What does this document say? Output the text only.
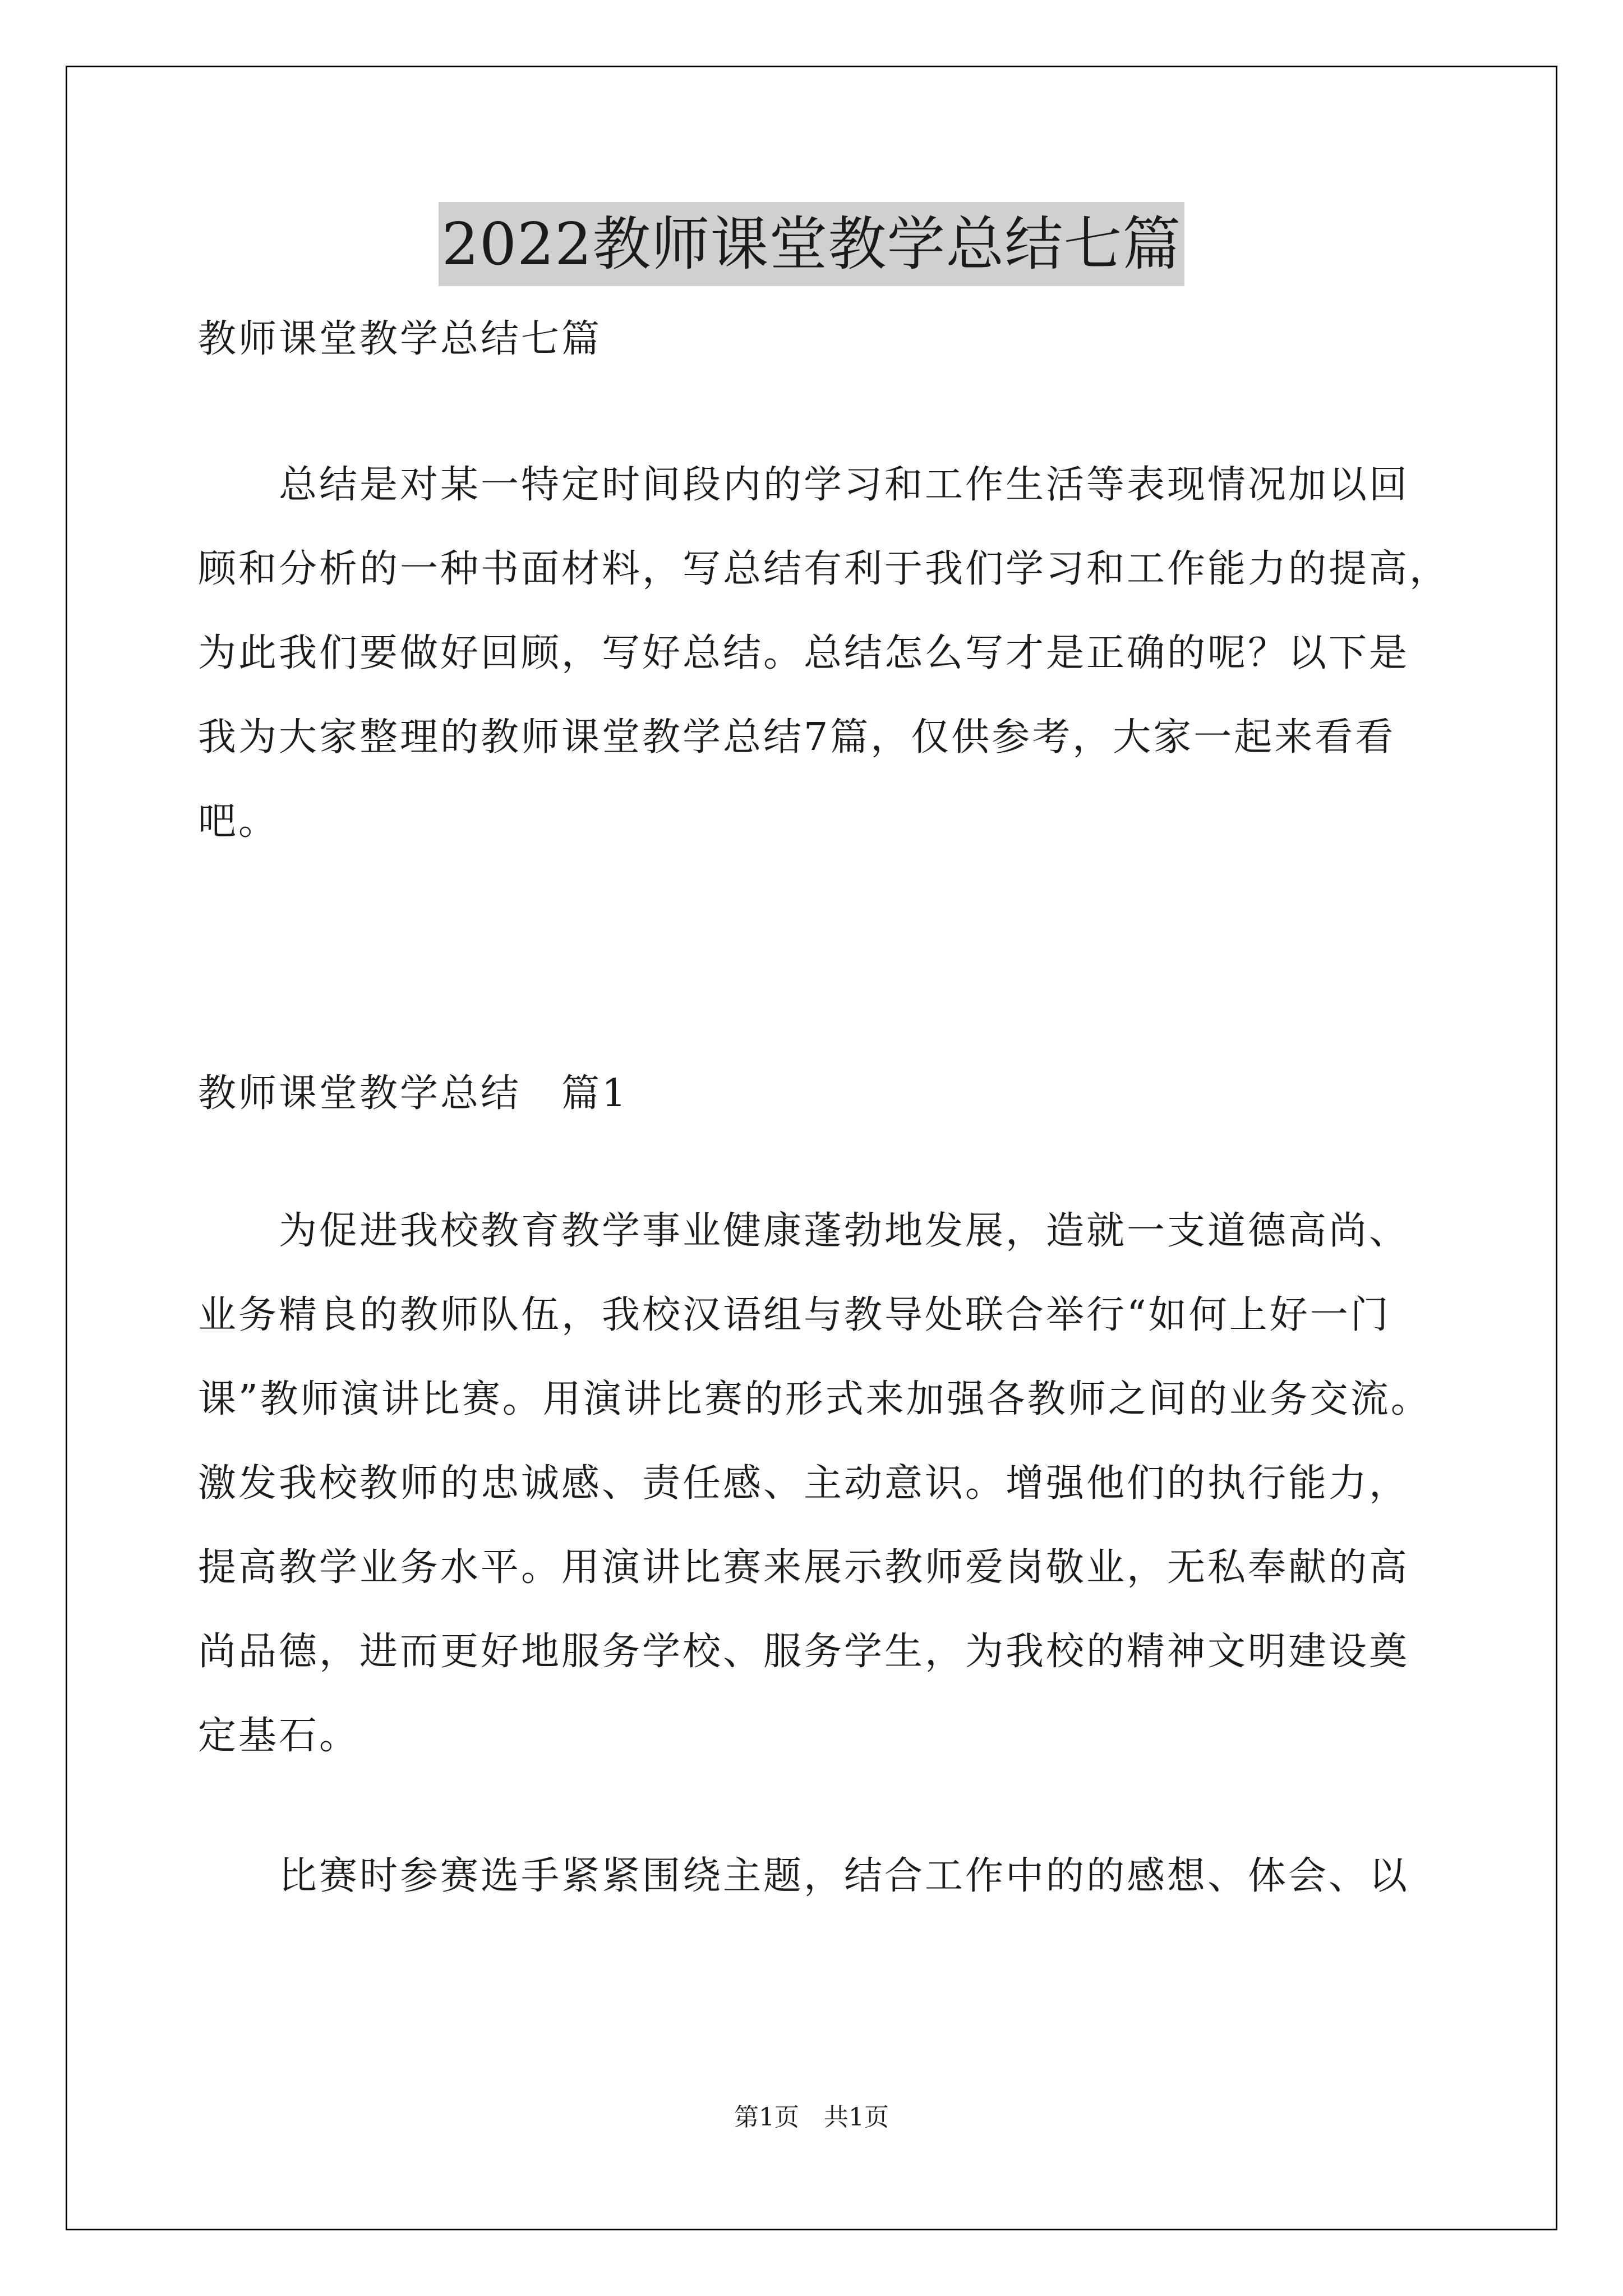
2022教师课堂教学总结七篇
教师课堂教学总结七篇
　　总结是对某一特定时间段内的学习和工作生活等表现情况加以回
顾和分析的一种书面材料，写总结有利于我们学习和工作能力的提高，
为此我们要做好回顾，写好总结。总结怎么写才是正确的呢？以下是
我为大家整理的教师课堂教学总结7篇，仅供参考，大家一起来看看
吧。
教师课堂教学总结　篇1
　　为促进我校教育教学事业健康蓬勃地发展，造就一支道德高尚、
业务精良的教师队伍，我校汉语组与教导处联合举行“如何上好一门
课”教师演讲比赛。用演讲比赛的形式来加强各教师之间的业务交流。
激发我校教师的忠诚感、责任感、主动意识。增强他们的执行能力，
提高教学业务水平。用演讲比赛来展示教师爱岗敬业，无私奉献的高
尚品德，进而更好地服务学校、服务学生，为我校的精神文明建设奠
定基石。
　　比赛时参赛选手紧紧围绕主题，结合工作中的的感想、体会、以
第1页　共1页
